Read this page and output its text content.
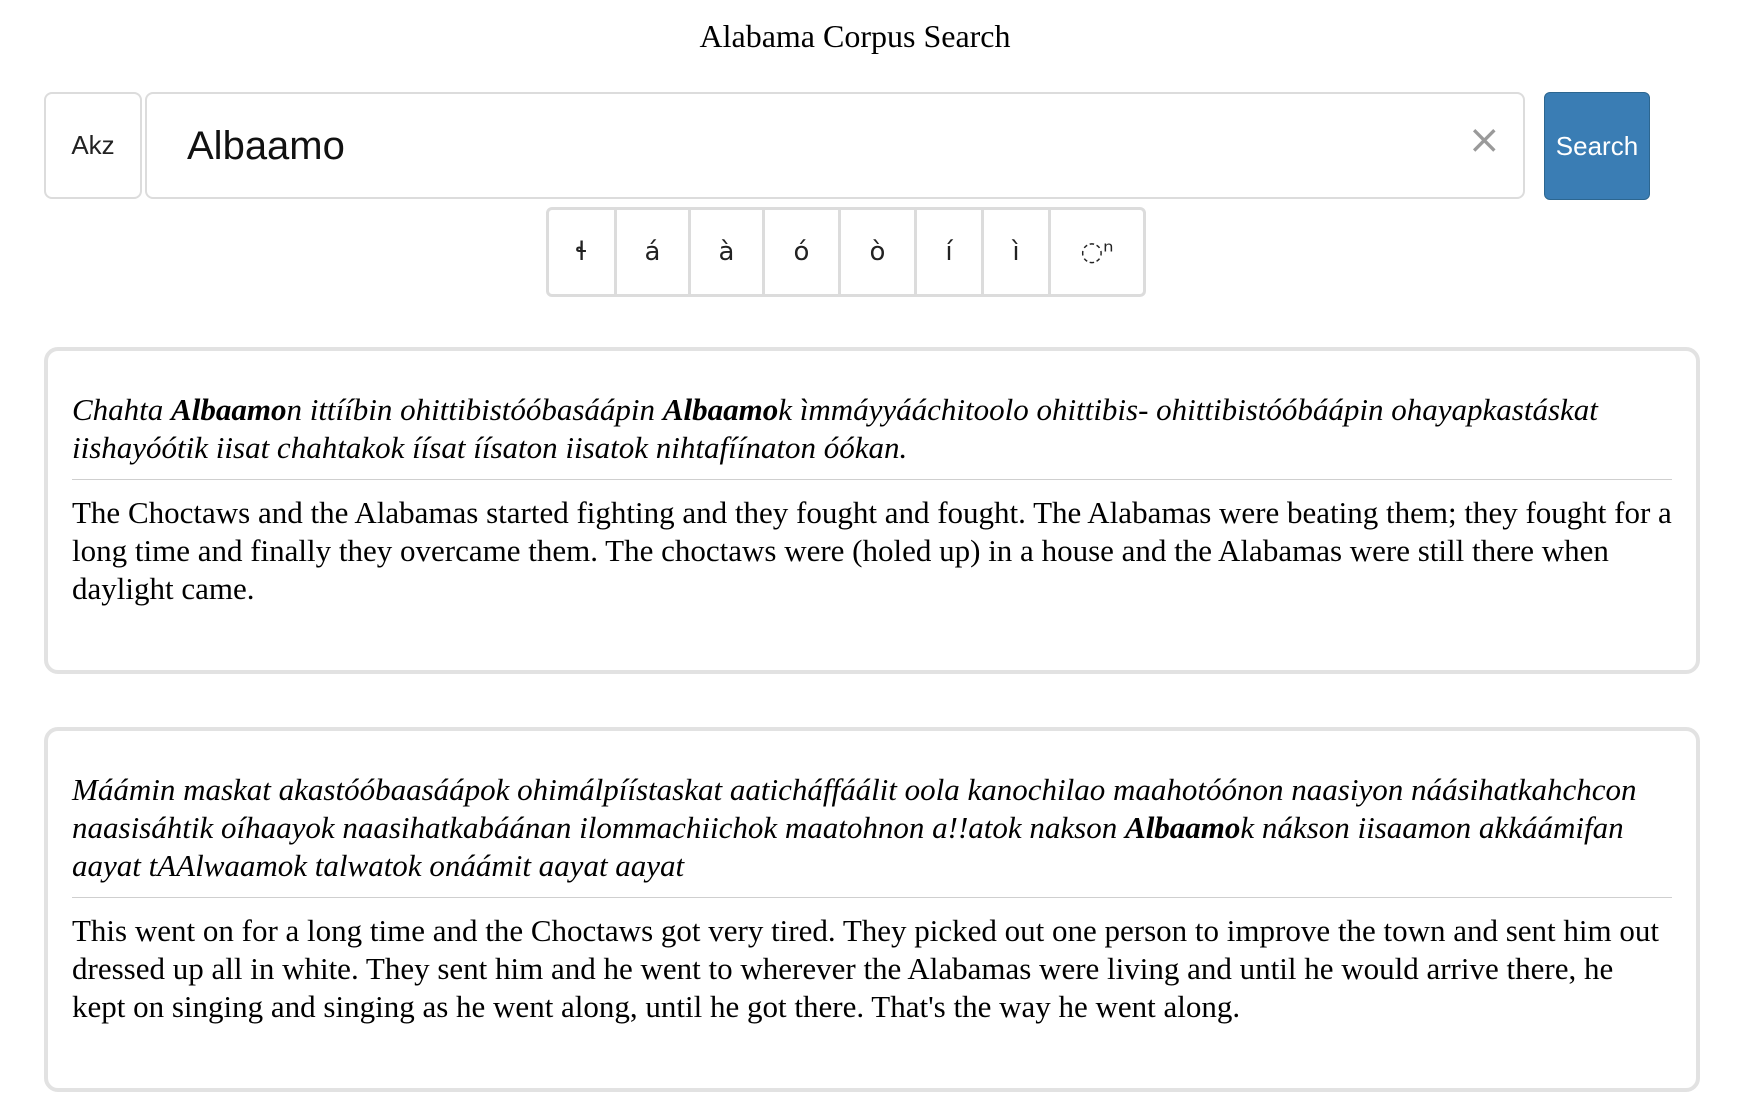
Alabama Corpus Search
Akz
Albaamo	×	Search
ɬ	á	à	ó	ò	í	ì	◌ⁿ
Chahta Albaamon ittííbin ohittibistóóbasáápin Albaamok ìmmáyyááchitoolo ohittibis- ohittibistóóbáápin ohayapkastáskat iishayóótik iisat chahtakok íísat íísaton iisatok nihtafíínaton óókan.
The Choctaws and the Alabamas started fighting and they fought and fought. The Alabamas were beating them; they fought for a long time and finally they overcame them. The choctaws were (holed up) in a house and the Alabamas were still there when daylight came.
Máámin maskat akastóóbaasáápok ohimálpíístaskat aaticháffáálit oola kanochilao maahotóónon naasiyon náásihatkahchcon naasisáhtik oíhaayok naasihatkabáánan ilommachiichok maatohnon a!!atok nakson Albaamok nákson iisaamon akkáámifan aayat tAAlwaamok talwatok onáámit aayat aayat
This went on for a long time and the Choctaws got very tired. They picked out one person to improve the town and sent him out dressed up all in white. They sent him and he went to wherever the Alabamas were living and until he would arrive there, he kept on singing and singing as he went along, until he got there. That's the way he went along.
